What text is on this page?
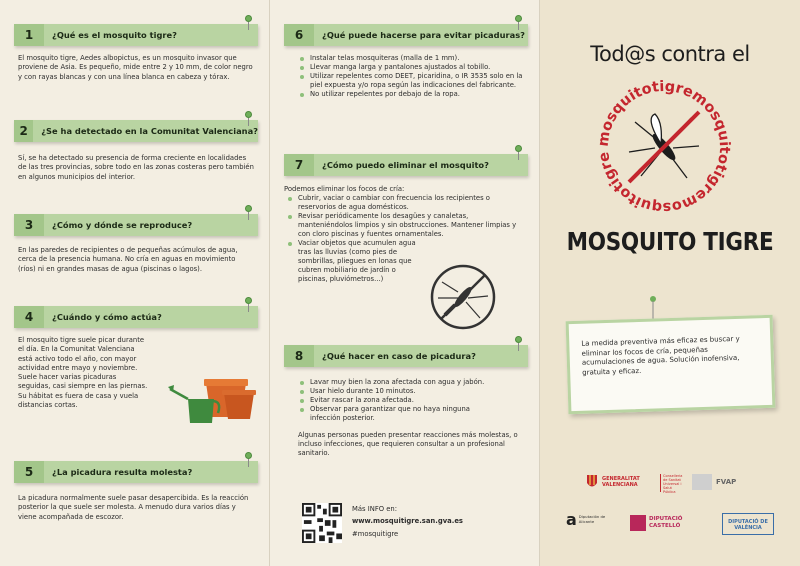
1	¿Qué es el mosquito tigre?
El mosquito tigre, Aedes albopictus, es un mosquito invasor que proviene de Asia. Es pequeño, mide entre 2 y 10 mm, de color negro y con rayas blancas y con una línea blanca en cabeza y tórax.
2	¿Se ha detectado en la Comunitat Valenciana?
Sí, se ha detectado su presencia de forma creciente en localidades de las tres provincias, sobre todo en las zonas costeras pero también en algunos municipios del interior.
3	¿Cómo y dónde se reproduce?
En las paredes de recipientes o de pequeñas acúmulos de agua, cerca de la presencia humana. No cría en aguas en movimiento (ríos) ni en grandes masas de agua (piscinas o lagos).
4	¿Cuándo y cómo actúa?
El mosquito tigre suele picar durante el día. En la Comunitat Valenciana está activo todo el año, con mayor actividad entre mayo y noviembre. Suele hacer varias picaduras seguidas, casi siempre en las piernas. Su hábitat es fuera de casa y vuela distancias cortas.
5	¿La picadura resulta molesta?
La picadura normalmente suele pasar desapercibida. Es la reacción posterior la que suele ser molesta. A menudo dura varios días y viene acompañada de escozor.
6	¿Qué puede hacerse para evitar picaduras?
Instalar telas mosquiteras (malla de 1 mm).
Llevar manga larga y pantalones ajustados al tobillo.
Utilizar repelentes como DEET, picaridina, o IR 3535 solo en la piel expuesta y/o ropa según las indicaciones del fabricante.
No utilizar repelentes por debajo de la ropa.
7	¿Cómo puedo eliminar el mosquito?
Podemos eliminar los focos de cría:
Cubrir, vaciar o cambiar con frecuencia los recipientes o reservorios de agua domésticos.
Revisar periódicamente los desagües y canaletas, manteniéndolos limpios y sin obstrucciones. Mantener limpias y con cloro piscinas y fuentes ornamentales.
Vaciar objetos que acumulen agua tras las lluvias (como pies de sombrillas, pliegues en lonas que cubren mobiliario de jardín o piscinas, pluviómetros...)
8	¿Qué hacer en caso de picadura?
Lavar muy bien la zona afectada con agua y jabón.
Usar hielo durante 10 minutos.
Evitar rascar la zona afectada.
Observar para garantizar que no haya ninguna infección posterior.
Algunas personas pueden presentar reacciones más molestas, o incluso infecciones, que requieren consultar a un profesional sanitario.
Más INFO en:
www.mosquitigre.san.gva.es
#mosquitigre
Tod@s contra el
mosquitotigremosquitotigremosquitotigre
MOSQUITO TIGRE
La medida preventiva más eficaz es buscar y eliminar los focos de cría, pequeñas acumulaciones de agua. Solución inofensiva, gratuita y eficaz.
GENERALITAT VALENCIANA
Conselleria de Sanitat Universal i Salut Pública
FVAP
a Diputación de Alicante	DIPUTACIÓ CASTELLÓ
DIPUTACIÓ DE VALÈNCIA
